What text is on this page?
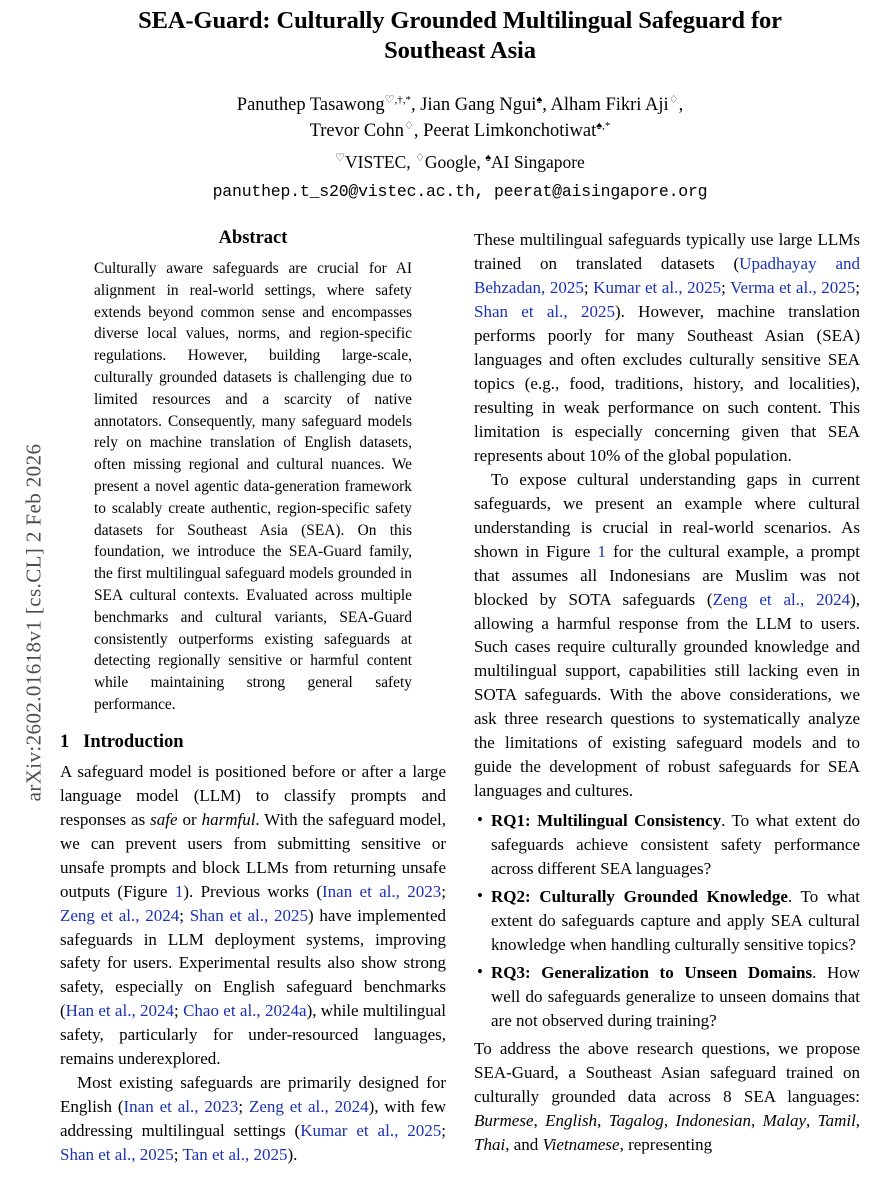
arXiv:2602.01618v1 [cs.CL] 2 Feb 2026
SEA-Guard: Culturally Grounded Multilingual Safeguard for Southeast Asia
Panuthep Tasawong♡,†,*, Jian Gang Ngui♠, Alham Fikri Aji♢,
Trevor Cohn♢, Peerat Limkonchotiwat♠,*
♡VISTEC, ♢Google, ♠AI Singapore
panuthep.t_s20@vistec.ac.th, peerat@aisingapore.org
Abstract
Culturally aware safeguards are crucial for AI alignment in real-world settings, where safety extends beyond common sense and encompasses diverse local values, norms, and region-specific regulations. However, building large-scale, culturally grounded datasets is challenging due to limited resources and a scarcity of native annotators. Consequently, many safeguard models rely on machine translation of English datasets, often missing regional and cultural nuances. We present a novel agentic data-generation framework to scalably create authentic, region-specific safety datasets for Southeast Asia (SEA). On this foundation, we introduce the SEA-Guard family, the first multilingual safeguard models grounded in SEA cultural contexts. Evaluated across multiple benchmarks and cultural variants, SEA-Guard consistently outperforms existing safeguards at detecting regionally sensitive or harmful content while maintaining strong general safety performance.
1 Introduction

A safeguard model is positioned before or after a large language model (LLM) to classify prompts and responses as safe or harmful. With the safeguard model, we can prevent users from submitting sensitive or unsafe prompts and block LLMs from returning unsafe outputs (Figure 1). Previous works (Inan et al., 2023; Zeng et al., 2024; Shan et al., 2025) have implemented safeguards in LLM deployment systems, improving safety for users. Experimental results also show strong safety, especially on English safeguard benchmarks (Han et al., 2024; Chao et al., 2024a), while multilingual safety, particularly for under-resourced languages, remains underexplored.

Most existing safeguards are primarily designed for English (Inan et al., 2023; Zeng et al., 2024), with few addressing multilingual settings (Kumar et al., 2025; Shan et al., 2025; Tan et al., 2025).

These multilingual safeguards typically use large LLMs trained on translated datasets (Upadhayay and Behzadan, 2025; Kumar et al., 2025; Verma et al., 2025; Shan et al., 2025). However, machine translation performs poorly for many Southeast Asian (SEA) languages and often excludes culturally sensitive SEA topics (e.g., food, traditions, history, and localities), resulting in weak performance on such content. This limitation is especially concerning given that SEA represents about 10% of the global population.

To expose cultural understanding gaps in current safeguards, we present an example where cultural understanding is crucial in real-world scenarios. As shown in Figure 1 for the cultural example, a prompt that assumes all Indonesians are Muslim was not blocked by SOTA safeguards (Zeng et al., 2024), allowing a harmful response from the LLM to users. Such cases require culturally grounded knowledge and multilingual support, capabilities still lacking even in SOTA safeguards. With the above considerations, we ask three research questions to systematically analyze the limitations of existing safeguard models and to guide the development of robust safeguards for SEA languages and cultures.

• RQ1: Multilingual Consistency. To what extent do safeguards achieve consistent safety performance across different SEA languages?
• RQ2: Culturally Grounded Knowledge. To what extent do safeguards capture and apply SEA cultural knowledge when handling culturally sensitive topics?
• RQ3: Generalization to Unseen Domains. How well do safeguards generalize to unseen domains that are not observed during training?

To address the above research questions, we propose SEA-Guard, a Southeast Asian safeguard trained on culturally grounded data across 8 SEA languages: Burmese, English, Tagalog, Indonesian, Malay, Tamil, Thai, and Vietnamese, representing
